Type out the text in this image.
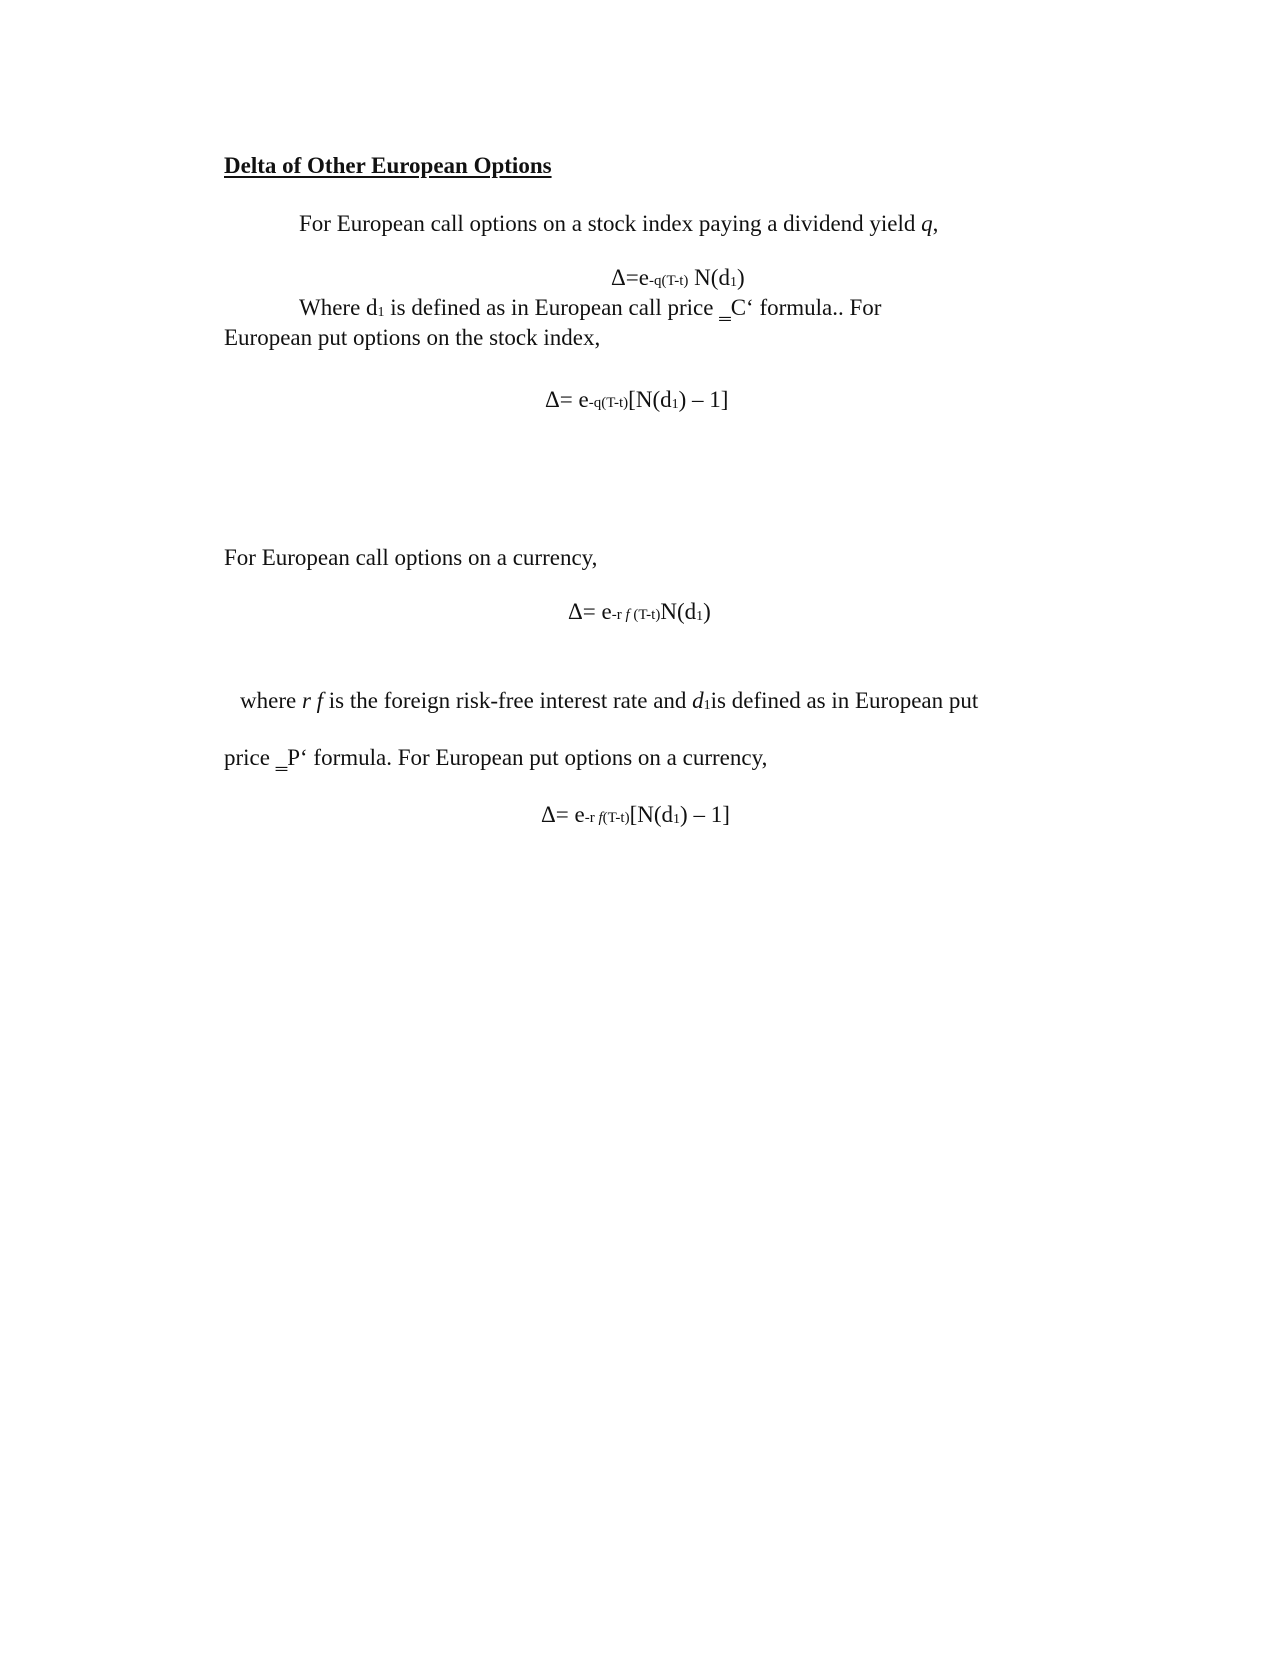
Delta of Other European Options
For European call options on a stock index paying a dividend yield q,
Δ=e-q(T-t) N(d1)
Where d1 is defined as in European call price ‗C‘ formula.. For
European put options on the stock index,
Δ= e-q(T-t)[N(d1) – 1]
For European call options on a currency,
Δ= e-r f (T-t)N(d1)
where r f is the foreign risk-free interest rate and d1is defined as in European put
price ‗P‘ formula. For European put options on a currency,
Δ= e-r f(T-t)[N(d1) – 1]
